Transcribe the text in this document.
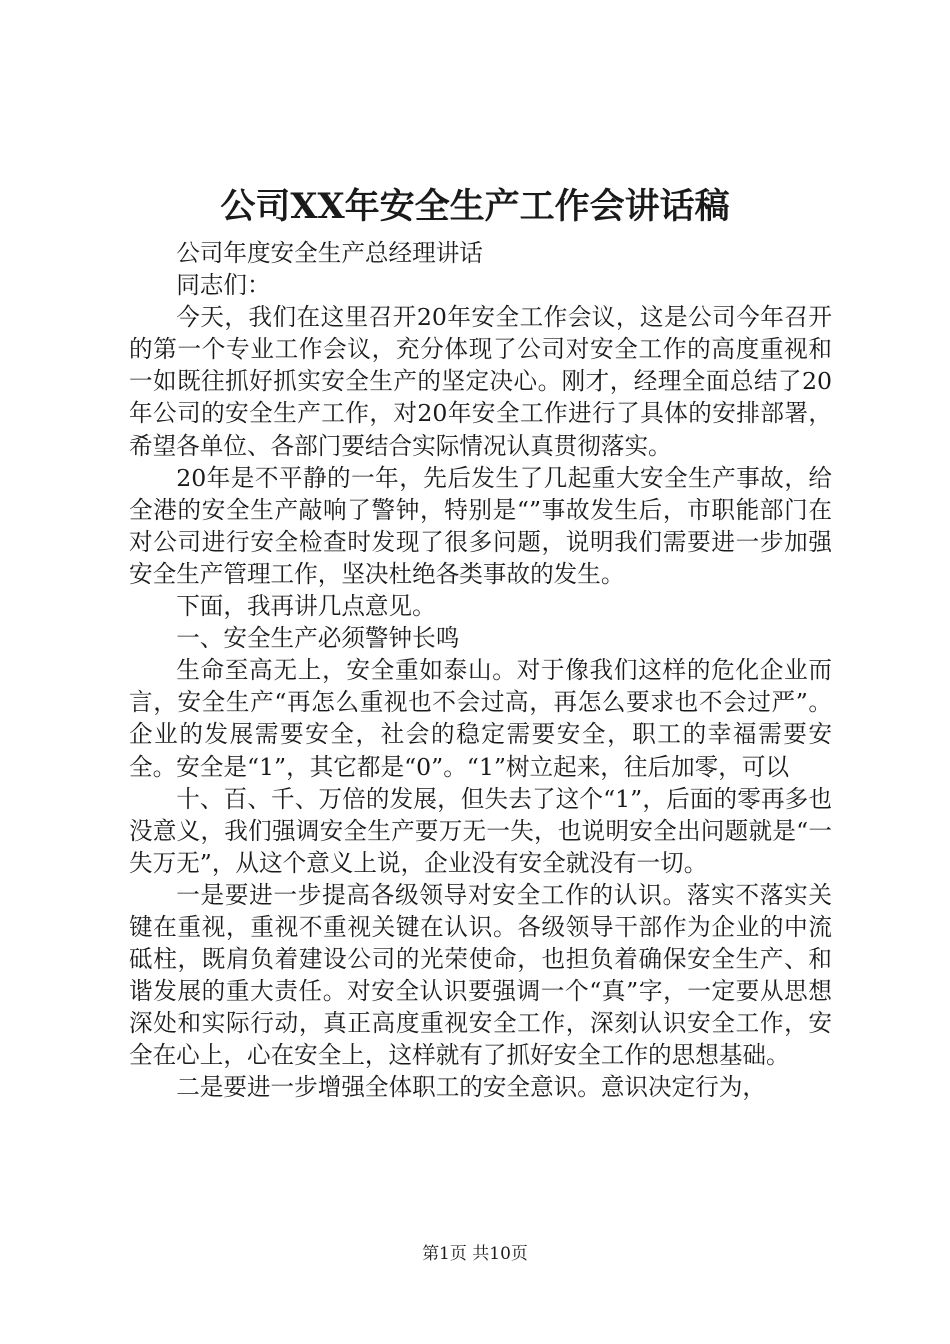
公司XX年安全生产工作会讲话稿

公司年度安全生产总经理讲话

同志们：

今天，我们在这里召开20年安全工作会议，这是公司今年召开的第一个专业工作会议，充分体现了公司对安全工作的高度重视和一如既往抓好抓实安全生产的坚定决心。刚才，经理全面总结了20年公司的安全生产工作，对20年安全工作进行了具体的安排部署，希望各单位、各部门要结合实际情况认真贯彻落实。

20年是不平静的一年，先后发生了几起重大安全生产事故，给全港的安全生产敲响了警钟，特别是“”事故发生后，市职能部门在对公司进行安全检查时发现了很多问题，说明我们需要进一步加强安全生产管理工作，坚决杜绝各类事故的发生。

下面，我再讲几点意见。

一、安全生产必须警钟长鸣

生命至高无上，安全重如泰山。对于像我们这样的危化企业而言，安全生产“再怎么重视也不会过高，再怎么要求也不会过严”。企业的发展需要安全，社会的稳定需要安全，职工的幸福需要安全。安全是“1”，其它都是“0”。“1”树立起来，往后加零，可以

十、百、千、万倍的发展，但失去了这个“1”，后面的零再多也没意义，我们强调安全生产要万无一失，也说明安全出问题就是“一失万无”，从这个意义上说，企业没有安全就没有一切。

一是要进一步提高各级领导对安全工作的认识。落实不落实关键在重视，重视不重视关键在认识。各级领导干部作为企业的中流砥柱，既肩负着建设公司的光荣使命，也担负着确保安全生产、和谐发展的重大责任。对安全认识要强调一个“真”字，一定要从思想深处和实际行动，真正高度重视安全工作，深刻认识安全工作，安全在心上，心在安全上，这样就有了抓好安全工作的思想基础。

二是要进一步增强全体职工的安全意识。意识决定行为，

第1页 共10页
